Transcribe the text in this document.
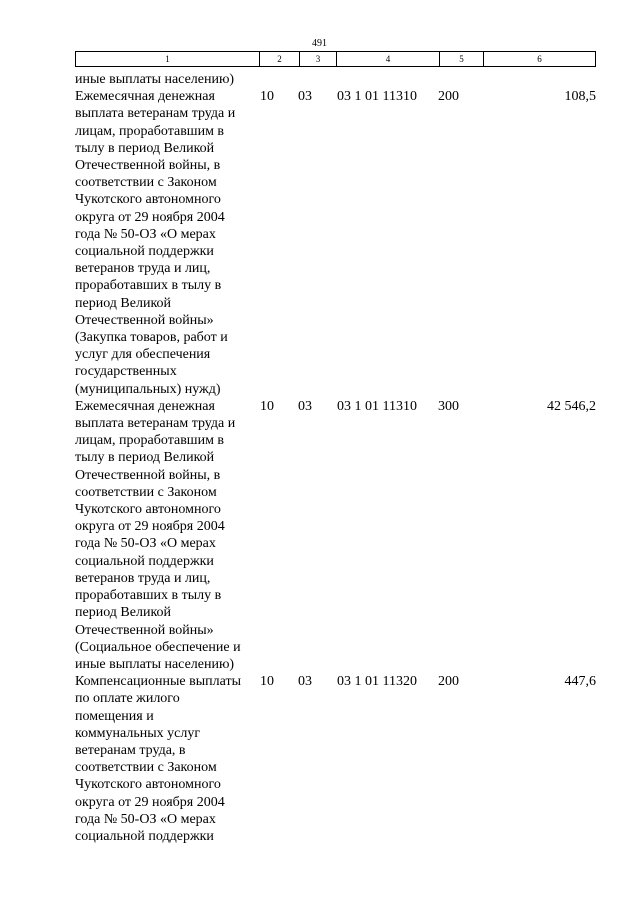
491
1	2	3	4	5	6
иные выплаты населению)
Ежемесячная денежная
выплата ветеранам труда и
лицам, проработавшим в
тылу в период Великой
Отечественной войны, в
соответствии с Законом
Чукотского автономного
округа от 29 ноября 2004
года № 50-ОЗ «О мерах
социальной поддержки
ветеранов труда и лиц,
проработавших в тылу в
период Великой
Отечественной войны»
(Закупка товаров, работ и
услуг для обеспечения
государственных
(муниципальных) нужд)
10	03	03 1 01 11310	200	108,5
Ежемесячная денежная
выплата ветеранам труда и
лицам, проработавшим в
тылу в период Великой
Отечественной войны, в
соответствии с Законом
Чукотского автономного
округа от 29 ноября 2004
года № 50-ОЗ «О мерах
социальной поддержки
ветеранов труда и лиц,
проработавших в тылу в
период Великой
Отечественной войны»
(Социальное обеспечение и
иные выплаты населению)
10	03	03 1 01 11310	300	42 546,2
Компенсационные выплаты
по оплате жилого
помещения и
коммунальных услуг
ветеранам труда, в
соответствии с Законом
Чукотского автономного
округа от 29 ноября 2004
года № 50-ОЗ «О мерах
социальной поддержки
10	03	03 1 01 11320	200	447,6
